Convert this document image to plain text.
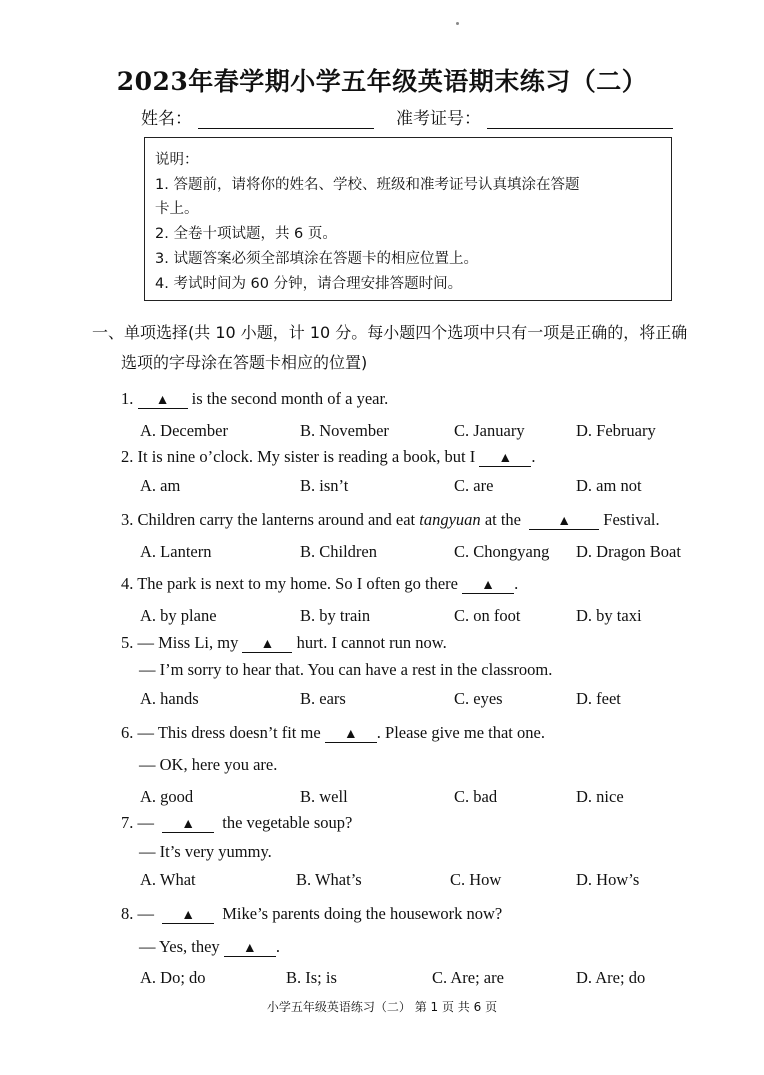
2023年春学期小学五年级英语期末练习（二）
姓名：	准考证号：
说明：
1. 答题前，请将你的姓名、学校、班级和准考证号认真填涂在答题
卡上。
2. 全卷十项试题，共 6 页。
3. 试题答案必须全部填涂在答题卡的相应位置上。
4. 考试时间为 60 分钟，请合理安排答题时间。
一、单项选择(共 10 小题，计 10 分。每小题四个选项中只有一项是正确的，将正确
选项的字母涂在答题卡相应的位置)
1. ▲ is the second month of a year.
A. December	B. November	C. January	D. February
2. It is nine o’clock. My sister is reading a book, but I ▲ .
A. am	B. isn’t	C. are	D. am not
3. Children carry the lanterns around and eat tangyuan at the ▲ Festival.
A. Lantern	B. Children	C. Chongyang D. Dragon Boat
4. The park is next to my home. So I often go there ▲ .
A. by plane	B. by train	C. on foot	D. by taxi
5. — Miss Li, my ▲ hurt. I cannot run now.
— I’m sorry to hear that. You can have a rest in the classroom.
A. hands	B. ears	C. eyes	D. feet
6. — This dress doesn’t fit me ▲ . Please give me that one.
— OK, here you are.
A. good	B. well	C. bad	D. nice
7. — ▲ the vegetable soup?
— It’s very yummy.
A. What	B. What’s	C. How	D. How’s
8. — ▲ Mike’s parents doing the housework now?
— Yes, they ▲ .
A. Do; do	B. Is; is	C. Are; are	D. Are; do
小学五年级英语练习（二） 第 1 页 共 6 页
